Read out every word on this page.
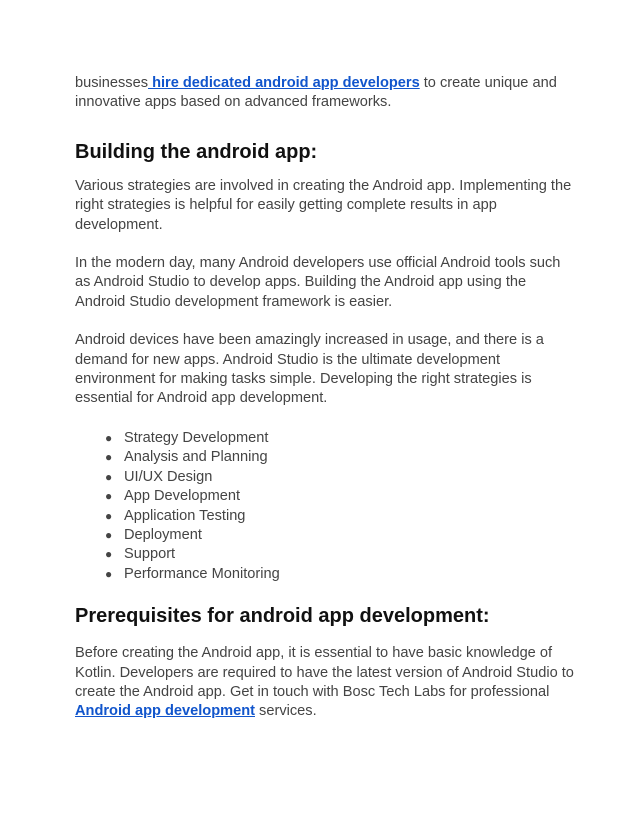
businesses hire dedicated android app developers to create unique and innovative apps based on advanced frameworks.

Building the android app:

Various strategies are involved in creating the Android app. Implementing the right strategies is helpful for easily getting complete results in app development.

In the modern day, many Android developers use official Android tools such as Android Studio to develop apps. Building the Android app using the Android Studio development framework is easier.

Android devices have been amazingly increased in usage, and there is a demand for new apps. Android Studio is the ultimate development environment for making tasks simple. Developing the right strategies is essential for Android app development.

● Strategy Development
● Analysis and Planning
● UI/UX Design
● App Development
● Application Testing
● Deployment
● Support
● Performance Monitoring
Prerequisites for android app development:

Before creating the Android app, it is essential to have basic knowledge of Kotlin. Developers are required to have the latest version of Android Studio to create the Android app. Get in touch with Bosc Tech Labs for professional Android app development services.
